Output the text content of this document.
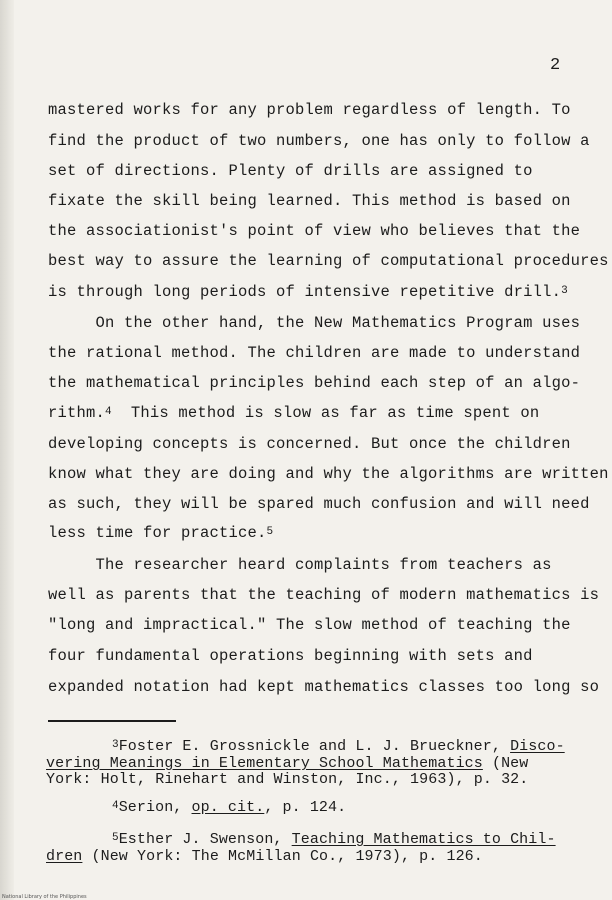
2
mastered works for any problem regardless of length. To
find the product of two numbers, one has only to follow a
set of directions. Plenty of drills are assigned to
fixate the skill being learned. This method is based on
the associationist's point of view who believes that the
best way to assure the learning of computational procedures
is through long periods of intensive repetitive drill.$^3$
On the other hand, the New Mathematics Program uses
the rational method. The children are made to understand
the mathematical principles behind each step of an algo-
rithm.$^4$  This method is slow as far as time spent on
developing concepts is concerned. But once the children
know what they are doing and why the algorithms are written
as such, they will be spared much confusion and will need
less time for practice.$^5$
The researcher heard complaints from teachers as
well as parents that the teaching of modern mathematics is
"long and impractical." The slow method of teaching the
four fundamental operations beginning with sets and
expanded notation had kept mathematics classes too long so
$^3$Foster E. Grossnickle and L. J. Brueckner, Disco-
vering Meanings in Elementary School Mathematics (New
York: Holt, Rinehart and Winston, Inc., 1963), p. 32.
$^4$Serion, op. cit., p. 124.
$^5$Esther J. Swenson, Teaching Mathematics to Chil-
dren (New York: The McMillan Co., 1973), p. 126.
National Library of the Philippines
